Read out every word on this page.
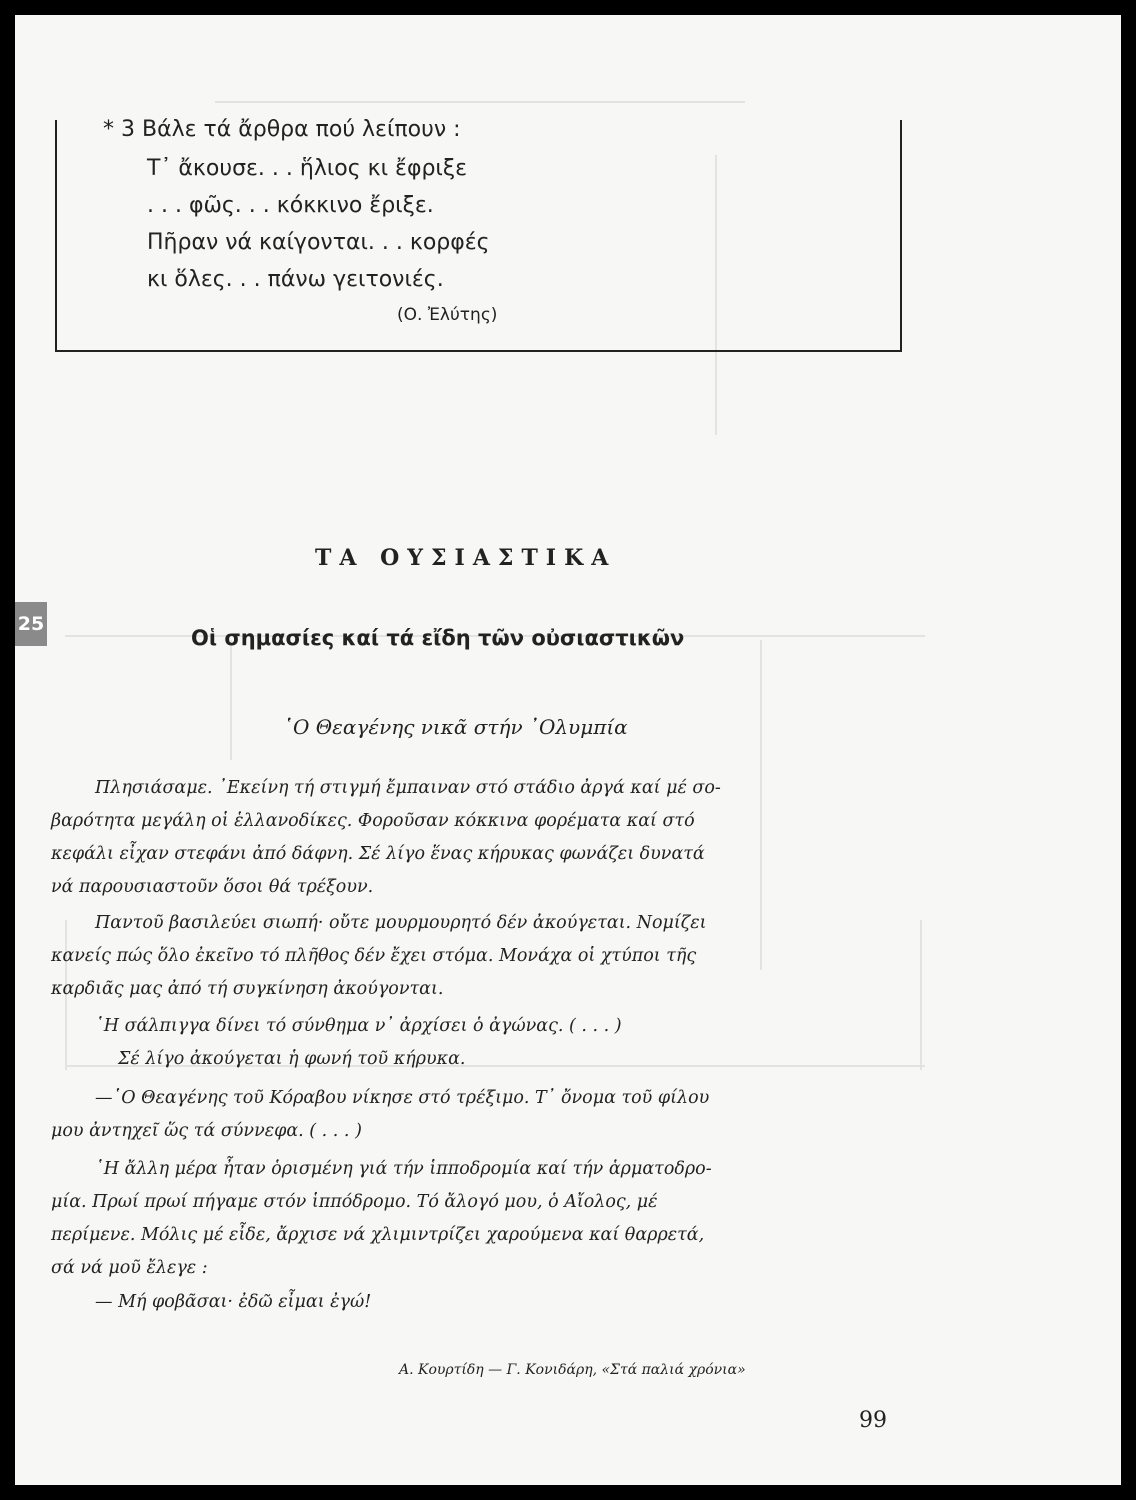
* 3 Βάλε τά ἄρθρα πού λείπουν :
Τ᾿ ἄκουσε. . . ἥλιος κι ἔφριξε
. . . φῶς. . . κόκκινο ἔριξε.
Πῆραν νά καίγονται. . . κορφές
κι ὅλες. . . πάνω γειτονιές.
(Ο. Ἐλύτης)
ΤΑ ΟΥΣΙΑΣΤΙΚΑ
25
Οἱ σημασίες καί τά εἴδη τῶν οὐσιαστικῶν
῾Ο Θεαγένης νικᾶ στήν ᾿Ολυμπία
Πλησιάσαμε. ᾿Εκείνη τή στιγμή ἔμπαιναν στό στάδιο ἀργά καί μέ σο-
βαρότητα μεγάλη οἱ ἑλλανοδίκες. Φοροῦσαν κόκκινα φορέματα καί στό
κεφάλι εἶχαν στεφάνι ἀπό δάφνη. Σέ λίγο ἕνας κήρυκας φωνάζει δυνατά
νά παρουσιαστοῦν ὅσοι θά τρέξουν.
Παντοῦ βασιλεύει σιωπή· οὔτε μουρμουρητό δέν ἀκούγεται. Νομίζει
κανείς πώς ὅλο ἐκεῖνο τό πλῆθος δέν ἔχει στόμα. Μονάχα οἱ χτύποι τῆς
καρδιᾶς μας ἀπό τή συγκίνηση ἀκούγονται.
῾Η σάλπιγγα δίνει τό σύνθημα ν᾿ ἀρχίσει ὁ ἀγώνας. ( . . . )
Σέ λίγο ἀκούγεται ἡ φωνή τοῦ κήρυκα.
—῾Ο Θεαγένης τοῦ Κόραβου νίκησε στό τρέξιμο. Τ᾿ ὄνομα τοῦ φίλου
μου ἀντηχεῖ ὥς τά σύννεφα. ( . . . )
῾Η ἄλλη μέρα ἦταν ὁρισμένη γιά τήν ἱπποδρομία καί τήν ἁρματοδρο-
μία. Πρωί πρωί πήγαμε στόν ἱππόδρομο. Τό ἄλογό μου, ὁ Αἴολος, μέ
περίμενε. Μόλις μέ εἶδε, ἄρχισε νά χλιμιντρίζει χαρούμενα καί θαρρετά,
σά νά μοῦ ἔλεγε :
— Μή φοβᾶσαι· ἐδῶ εἶμαι ἐγώ!
Α. Κουρτίδη — Γ. Κονιδάρη, «Στά παλιά χρόνια»
99
